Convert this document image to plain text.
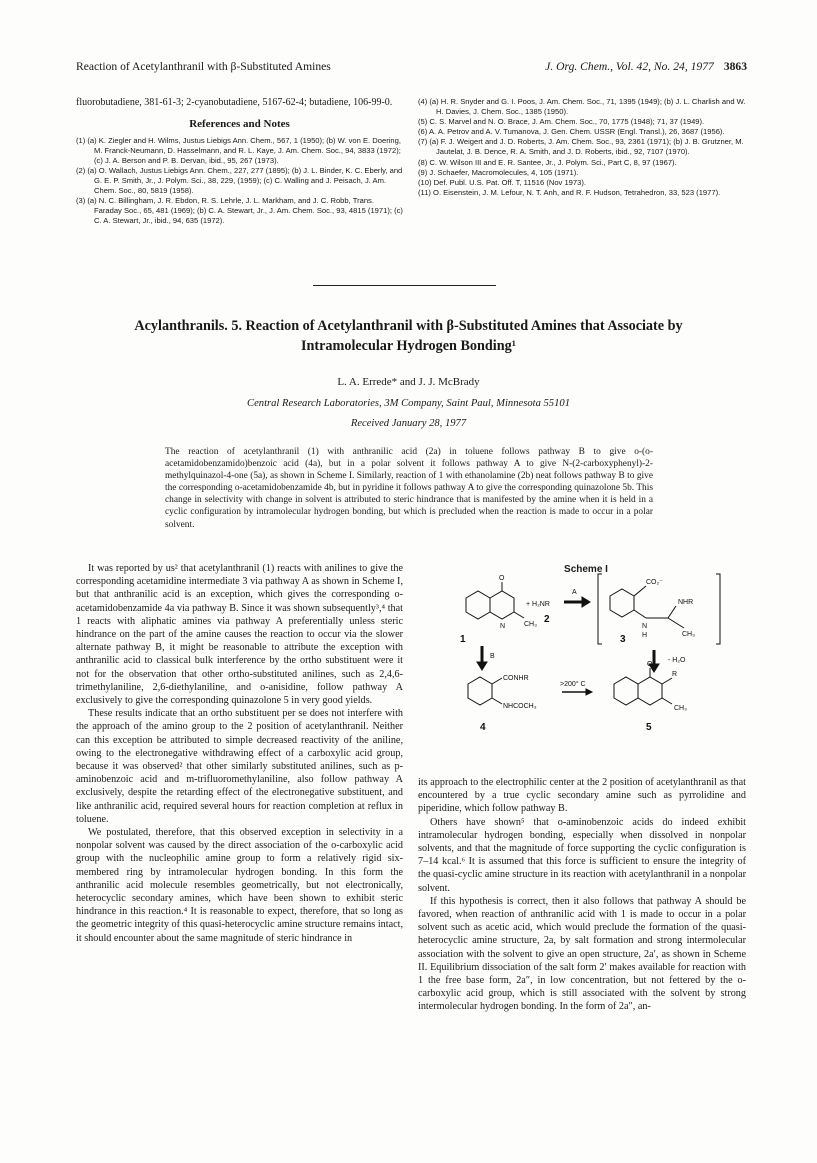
Reaction of Acetylanthranil with β-Substituted Amines	J. Org. Chem., Vol. 42, No. 24, 1977 3863
fluorobutadiene, 381-61-3; 2-cyanobutadiene, 5167-62-4; butadiene, 106-99-0.
References and Notes
(1) (a) K. Ziegler and H. Wilms, Justus Liebigs Ann. Chem., 567, 1 (1950); (b) W. von E. Doering, M. Franck-Neumann, D. Hasselmann, and R. L. Kaye, J. Am. Chem. Soc., 94, 3833 (1972); (c) J. A. Berson and P. B. Dervan, ibid., 95, 267 (1973).
(2) (a) O. Wallach, Justus Liebigs Ann. Chem., 227, 277 (1895); (b) J. L. Binder, K. C. Eberly, and G. E. P. Smith, Jr., J. Polym. Sci., 38, 229, (1959); (c) C. Walling and J. Peisach, J. Am. Chem. Soc., 80, 5819 (1958).
(3) (a) N. C. Billingham, J. R. Ebdon, R. S. Lehrle, J. L. Markham, and J. C. Robb, Trans. Faraday Soc., 65, 481 (1969); (b) C. A. Stewart, Jr., J. Am. Chem. Soc., 93, 4815 (1971); (c) C. A. Stewart, Jr., ibid., 94, 635 (1972).
(4) (a) H. R. Snyder and G. I. Poos, J. Am. Chem. Soc., 71, 1395 (1949); (b) J. L. Charlish and W. H. Davies, J. Chem. Soc., 1385 (1950).
(5) C. S. Marvel and N. O. Brace, J. Am. Chem. Soc., 70, 1775 (1948); 71, 37 (1949).
(6) A. A. Petrov and A. V. Tumanova, J. Gen. Chem. USSR (Engl. Transl.), 26, 3687 (1956).
(7) (a) F. J. Weigert and J. D. Roberts, J. Am. Chem. Soc., 93, 2361 (1971); (b) J. B. Grutzner, M. Jautelat, J. B. Dence, R. A. Smith, and J. D. Roberts, ibid., 92, 7107 (1970).
(8) C. W. Wilson III and E. R. Santee, Jr., J. Polym. Sci., Part C, 8, 97 (1967).
(9) J. Schaefer, Macromolecules, 4, 105 (1971).
(10) Def. Publ. U.S. Pat. Off. T, 11516 (Nov 1973).
(11) O. Eisenstein, J. M. Lefour, N. T. Anh, and R. F. Hudson, Tetrahedron, 33, 523 (1977).
Acylanthranils. 5. Reaction of Acetylanthranil with β-Substituted Amines that Associate by Intramolecular Hydrogen Bonding¹
L. A. Errede* and J. J. McBrady
Central Research Laboratories, 3M Company, Saint Paul, Minnesota 55101
Received January 28, 1977
The reaction of acetylanthranil (1) with anthranilic acid (2a) in toluene follows pathway B to give o-(o-acetamidobenzamido)benzoic acid (4a), but in a polar solvent it follows pathway A to give N-(2-carboxyphenyl)-2-methylquinazol-4-one (5a), as shown in Scheme I. Similarly, reaction of 1 with ethanolamine (2b) neat follows pathway B to give the corresponding o-acetamidobenzamide 4b, but in pyridine it follows pathway A to give the corresponding quinazolone 5b. This change in selectivity with change in solvent is attributed to steric hindrance that is manifested by the amine when it is held in a cyclic configuration by intramolecular hydrogen bonding, but which is precluded when the reaction is made to occur in a polar solvent.

It was reported by us² that acetylanthranil (1) reacts with anilines to give the corresponding acetamidine intermediate 3 via pathway A as shown in Scheme I, but that anthranilic acid is an exception, which gives the corresponding o-acetamidobenzamide 4a via pathway B. Since it was shown subsequently³,⁴ that 1 reacts with aliphatic amines via pathway A preferentially unless steric hindrance on the part of the amine causes the reaction to occur via the slower alternate pathway B, it might be reasonable to attribute the exception with anthranilic acid to classical bulk interference by the ortho substituent were it not for the observation that other ortho-substituted anilines, such as 2,4,6-trimethylaniline, 2,6-diethylaniline, and o-anisidine, follow pathway A exclusively to give the corresponding quinazolone 5 in very good yields.

These results indicate that an ortho substituent per se does not interfere with the approach of the amino group to the 2 position of acetylanthranil. Neither can this exception be attributed to simple decreased reactivity of the aniline, owing to the electronegative withdrawing effect of a carboxylic acid group, because it was observed² that other similarly substituted anilines, such as p-aminobenzoic acid and m-trifluoromethylaniline, also follow pathway A exclusively, despite the retarding effect of the electronegative substituent, and like anthranilic acid, required several hours for reaction completion at reflux in toluene.

We postulated, therefore, that this observed exception in selectivity in a nonpolar solvent was caused by the direct association of the o-carboxylic acid group with the nucleophilic amine group to form a relatively rigid six-membered ring by intramolecular hydrogen bonding. In this form the anthranilic acid molecule resembles geometrically, but not electronically, heterocyclic secondary amines, which have been shown to exhibit steric hindrance in this reaction.⁴ It is reasonable to expect, therefore, that so long as the geometric integrity of this quasi-heterocyclic amine structure remains intact, it should encounter about the same magnitude of steric hindrance in

Scheme I
O
N	CH₃
+ H₂NR
2
A
CO₂⁻
NHR
N
H	CH₃
B
- H₂O
CONHR
NHCOCH₃
>200° C
O
R
CH₃
1	3
4	5

its approach to the electrophilic center at the 2 position of acetylanthranil as that encountered by a true cyclic secondary amine such as pyrrolidine and piperidine, which follow pathway B.

Others have shown⁵ that o-aminobenzoic acids do indeed exhibit intramolecular hydrogen bonding, especially when dissolved in nonpolar solvents, and that the magnitude of force supporting the cyclic configuration is 7–14 kcal.⁶ It is assumed that this force is sufficient to ensure the integrity of the quasi-cyclic amine structure in its reaction with acetylanthranil in a nonpolar solvent.

If this hypothesis is correct, then it also follows that pathway A should be favored, when reaction of anthranilic acid with 1 is made to occur in a polar solvent such as acetic acid, which would preclude the formation of the quasi-heterocyclic amine structure, 2a, by salt formation and strong intermolecular association with the solvent to give an open structure, 2a′, as shown in Scheme II. Equilibrium dissociation of the salt form 2′ makes available for reaction with 1 the free base form, 2a″, in low concentration, but not fettered by the o-carboxylic acid group, which is still associated with the solvent by strong intermolecular hydrogen bonding. In the form of 2a″, an-
